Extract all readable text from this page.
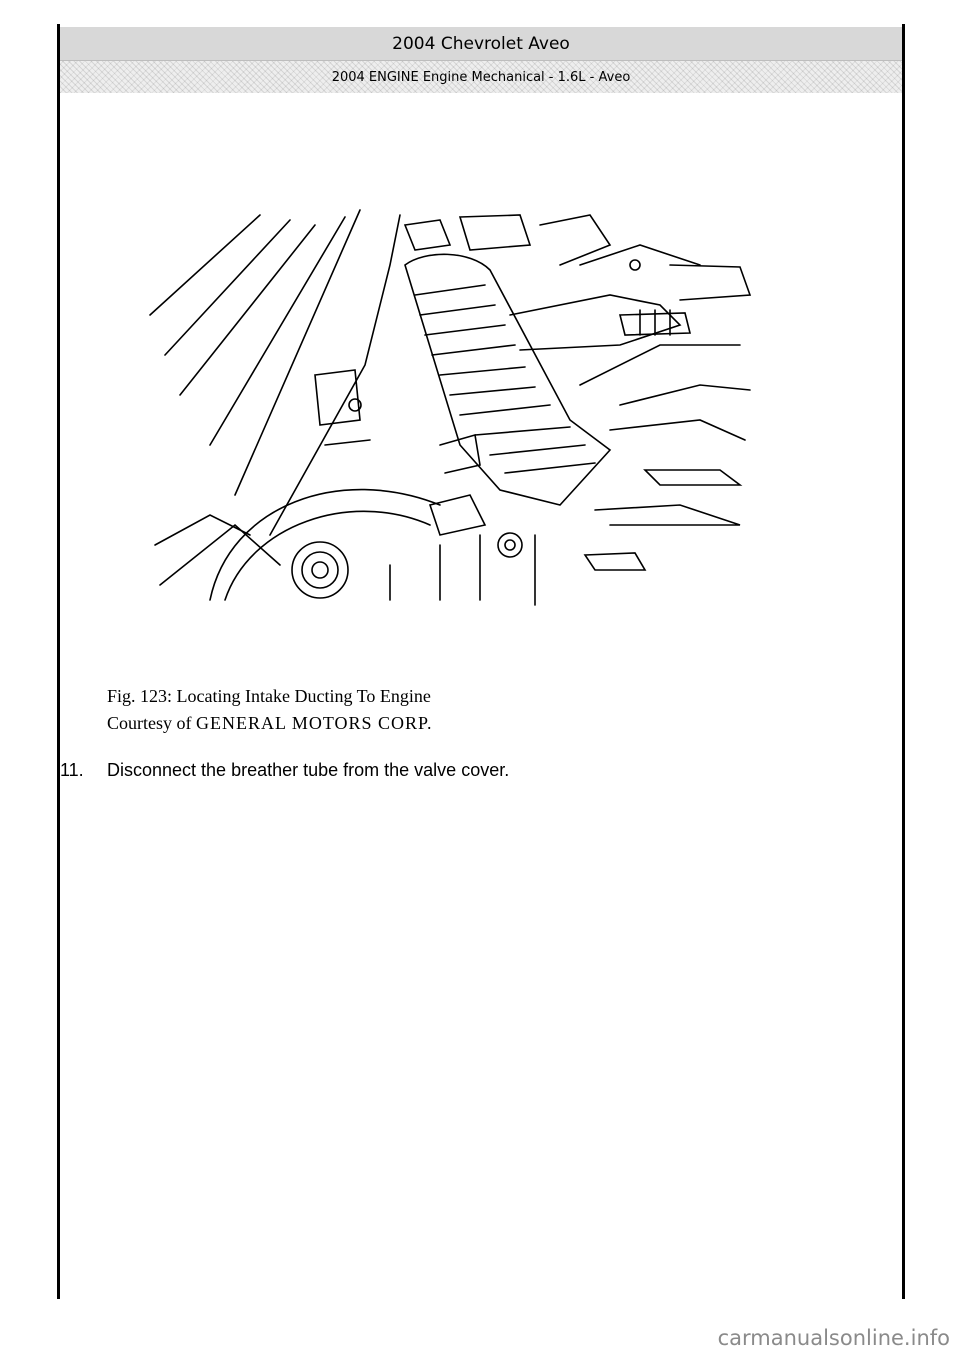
2004 Chevrolet Aveo
2004 ENGINE Engine Mechanical - 1.6L - Aveo
Fig. 123: Locating Intake Ducting To Engine
Courtesy of GENERAL MOTORS CORP.
11. Disconnect the breather tube from the valve cover.
carmanualsonline.info
